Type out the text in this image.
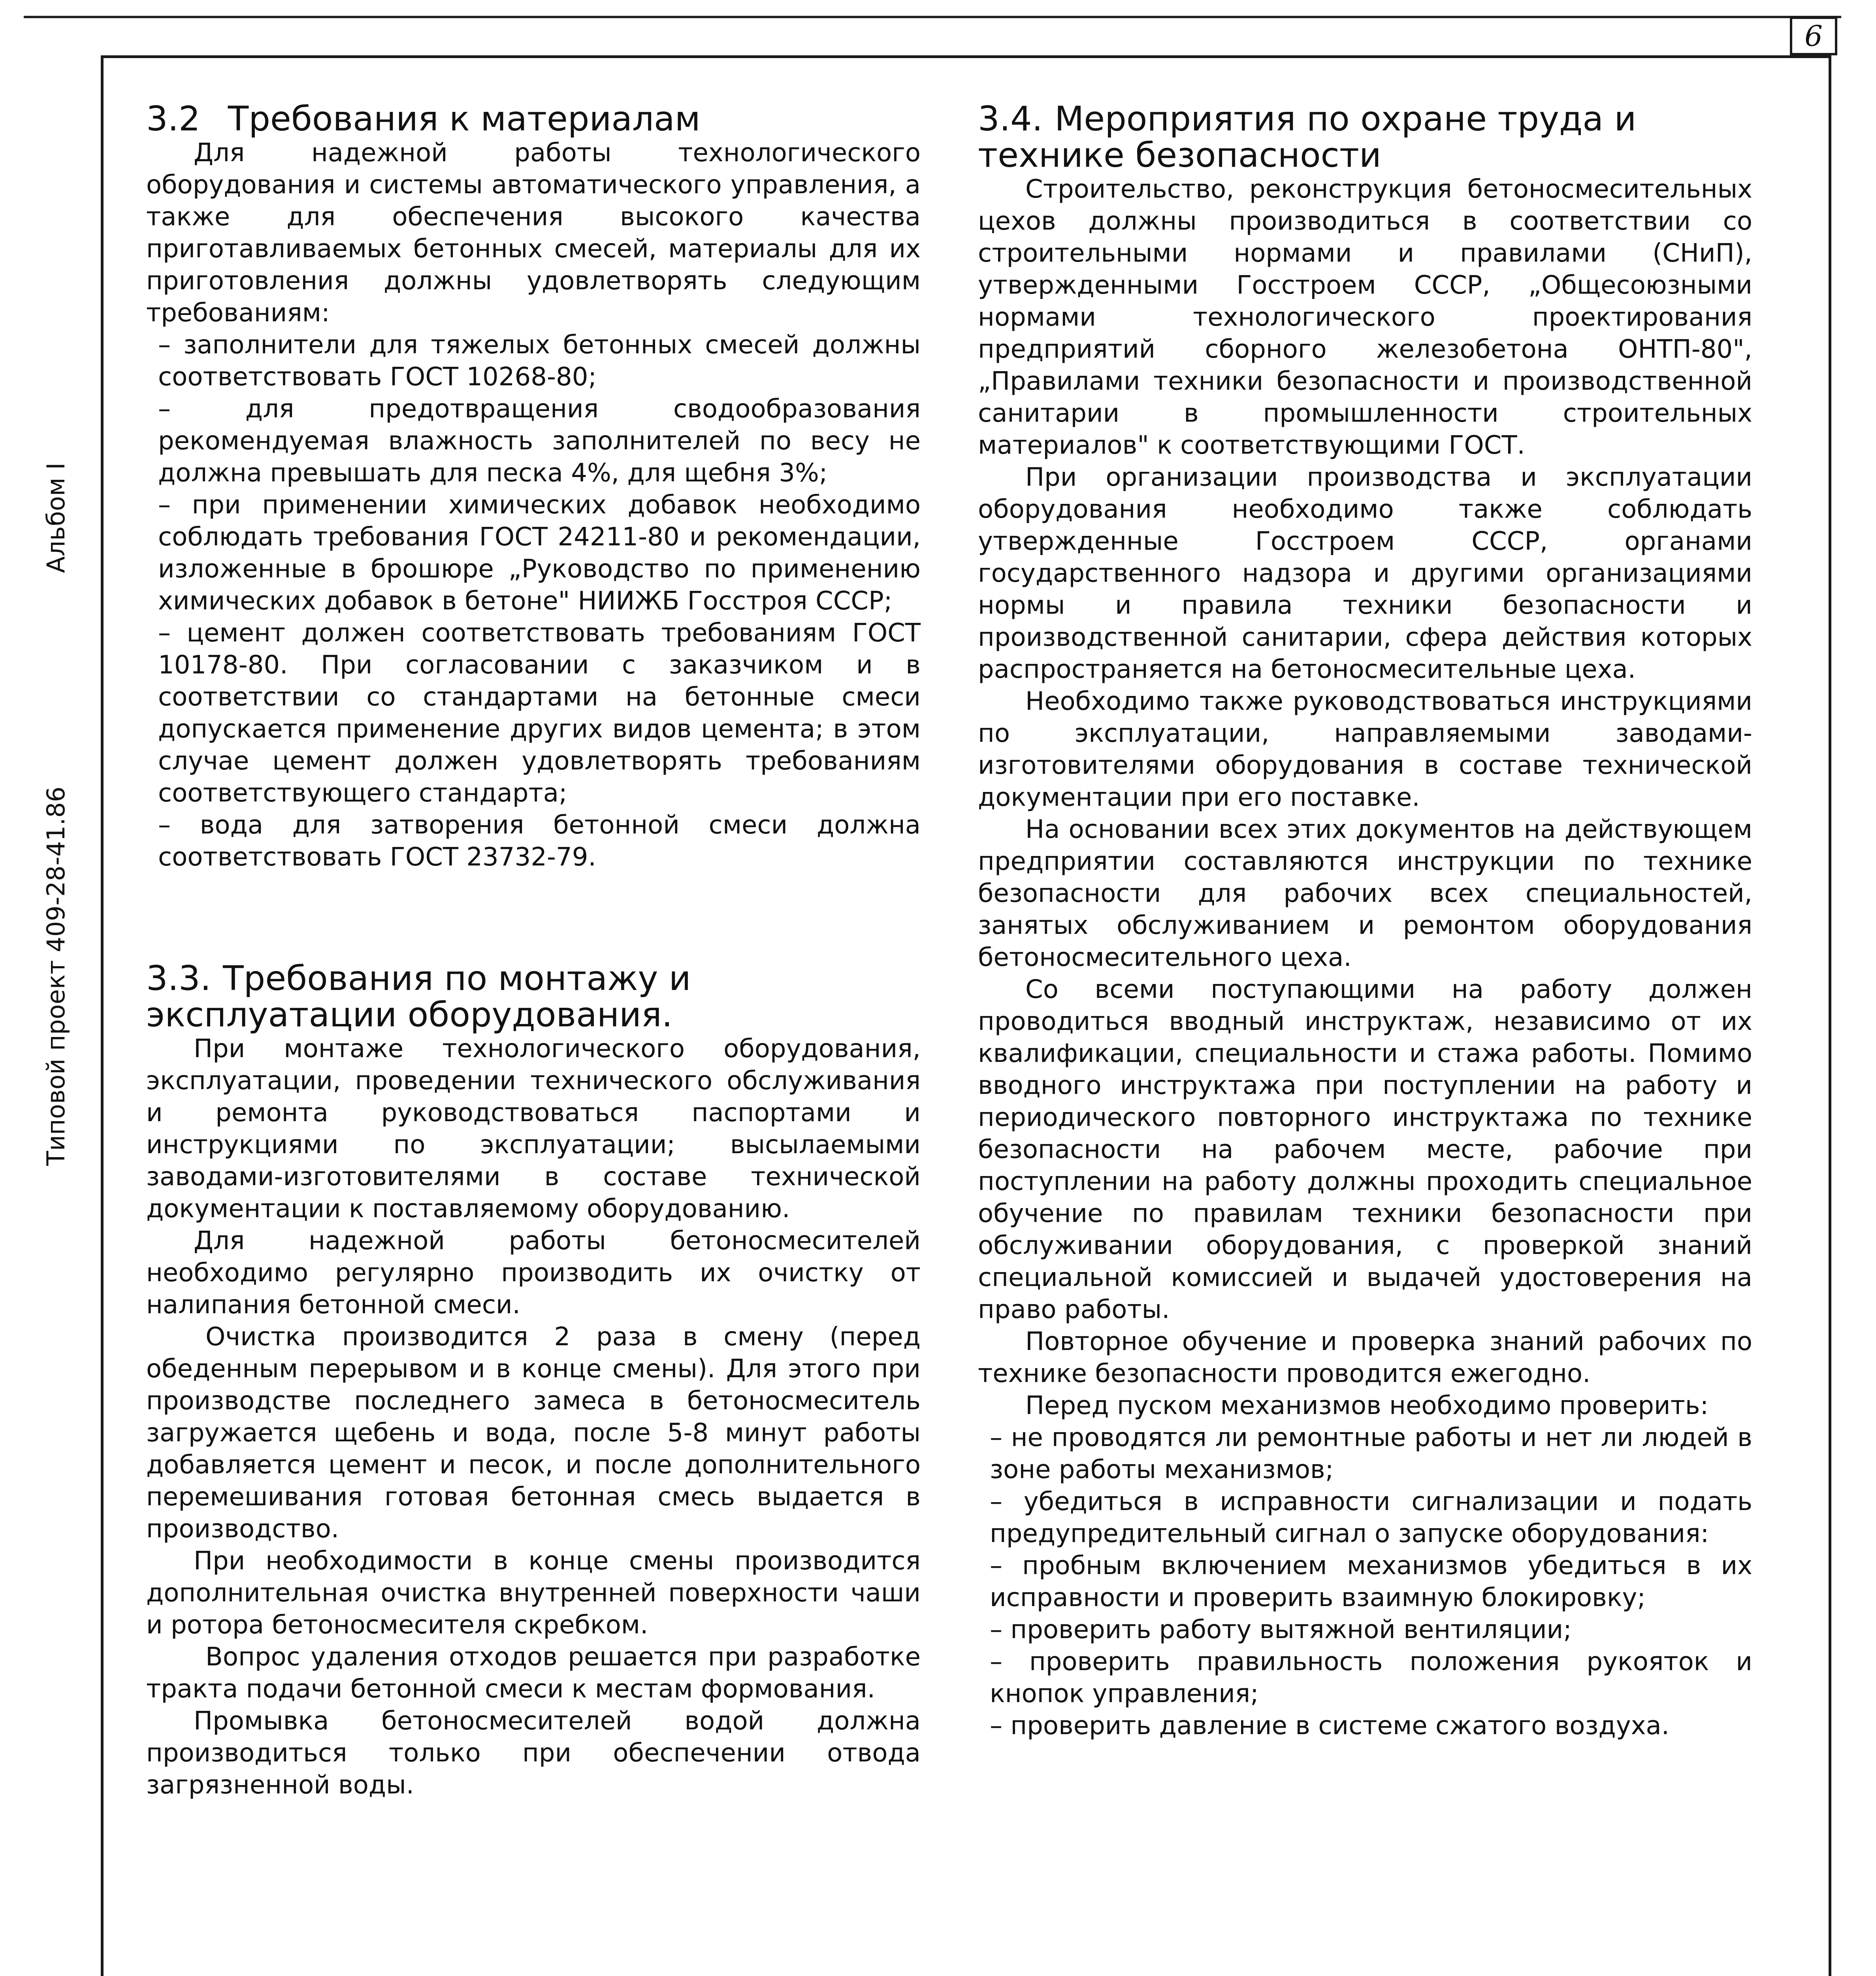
6
Альбом I
Типовой проект 409-28-41.86
3.2 Требования к материалам

Для надежной работы технологического оборудования и системы автоматического управления, а также для обеспечения высокого качества приготавливаемых бетонных смесей, материалы для их приготовления должны удовлетворять следующим требованиям:

– заполнители для тяжелых бетонных смесей должны соответствовать ГОСТ 10268-80;

– для предотвращения сводообразования рекомендуемая влажность заполнителей по весу не должна превышать для песка 4%, для щебня 3%;

– при применении химических добавок необходимо соблюдать требования ГОСТ 24211-80 и рекомендации, изложенные в брошюре „Руководство по применению химических добавок в бетоне" НИИЖБ Госстроя СССР;

– цемент должен соответствовать требованиям ГОСТ 10178-80. При согласовании с заказчиком и в соответствии со стандартами на бетонные смеси допускается применение других видов цемента; в этом случае цемент должен удовлетворять требованиям соответствующего стандарта;

– вода для затворения бетонной смеси должна соответствовать ГОСТ 23732-79.

3.3. Требования по монтажу и эксплуатации оборудования.

При монтаже технологического оборудования, эксплуатации, проведении технического обслуживания и ремонта руководствоваться паспортами и инструкциями по эксплуатации; высылаемыми заводами-изготовителями в составе технической документации к поставляемому оборудованию.

Для надежной работы бетоносмесителей необходимо регулярно производить их очистку от налипания бетонной смеси.

Очистка производится 2 раза в смену (перед обеденным перерывом и в конце смены). Для этого при производстве последнего замеса в бетоносмеситель загружается щебень и вода, после 5-8 минут работы добавляется цемент и песок, и после дополнительного перемешивания готовая бетонная смесь выдается в производство.

При необходимости в конце смены производится дополнительная очистка внутренней поверхности чаши и ротора бетоносмесителя скребком.

Вопрос удаления отходов решается при разработке тракта подачи бетонной смеси к местам формования.

Промывка бетоносмесителей водой должна производиться только при обеспечении отвода загрязненной воды.

3.4. Мероприятия по охране труда и технике безопасности

Строительство, реконструкция бетоносмесительных цехов должны производиться в соответствии со строительными нормами и правилами (СНиП), утвержденными Госстроем СССР, „Общесоюзными нормами технологического проектирования предприятий сборного железобетона ОНТП-80", „Правилами техники безопасности и производственной санитарии в промышленности строительных материалов" к соответствующими ГОСТ.

При организации производства и эксплуатации оборудования необходимо также соблюдать утвержденные Госстроем СССР, органами государственного надзора и другими организациями нормы и правила техники безопасности и производственной санитарии, сфера действия которых распространяется на бетоносмесительные цеха.

Необходимо также руководствоваться инструкциями по эксплуатации, направляемыми заводами-изготовителями оборудования в составе технической документации при его поставке.

На основании всех этих документов на действующем предприятии составляются инструкции по технике безопасности для рабочих всех специальностей, занятых обслуживанием и ремонтом оборудования бетоносмесительного цеха.

Со всеми поступающими на работу должен проводиться вводный инструктаж, независимо от их квалификации, специальности и стажа работы. Помимо вводного инструктажа при поступлении на работу и периодического повторного инструктажа по технике безопасности на рабочем месте, рабочие при поступлении на работу должны проходить специальное обучение по правилам техники безопасности при обслуживании оборудования, с проверкой знаний специальной комиссией и выдачей удостоверения на право работы.

Повторное обучение и проверка знаний рабочих по технике безопасности проводится ежегодно.

Перед пуском механизмов необходимо проверить:

– не проводятся ли ремонтные работы и нет ли людей в зоне работы механизмов;

– убедиться в исправности сигнализации и подать предупредительный сигнал о запуске оборудования:

– пробным включением механизмов убедиться в их исправности и проверить взаимную блокировку;

– проверить работу вытяжной вентиляции;

– проверить правильность положения рукояток и кнопок управления;

– проверить давление в системе сжатого воздуха.
